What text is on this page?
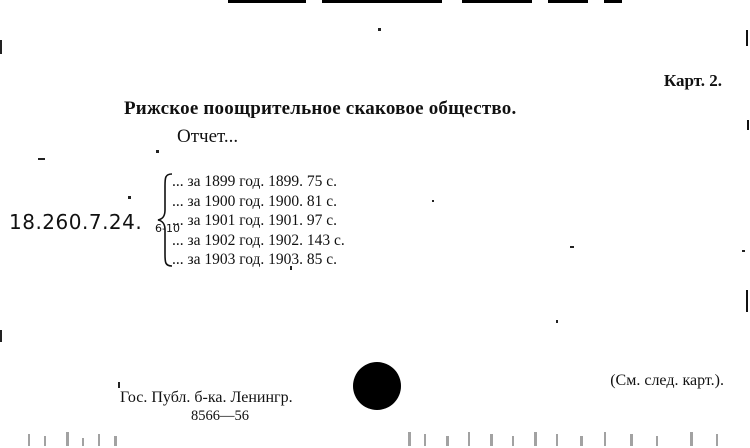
Карт. 2.
Рижское поощрительное скаковое общество.
Отчет...
18.260.7.24. 6-10
... за 1899 год. 1899. 75 с.
... за 1900 год. 1900. 81 с.
... за 1901 год. 1901. 97 с.
... за 1902 год. 1902. 143 с.
... за 1903 год. 1903. 85 с.
(См. след. карт.).
Гос. Публ. б-ка. Ленингр.
8566—56
